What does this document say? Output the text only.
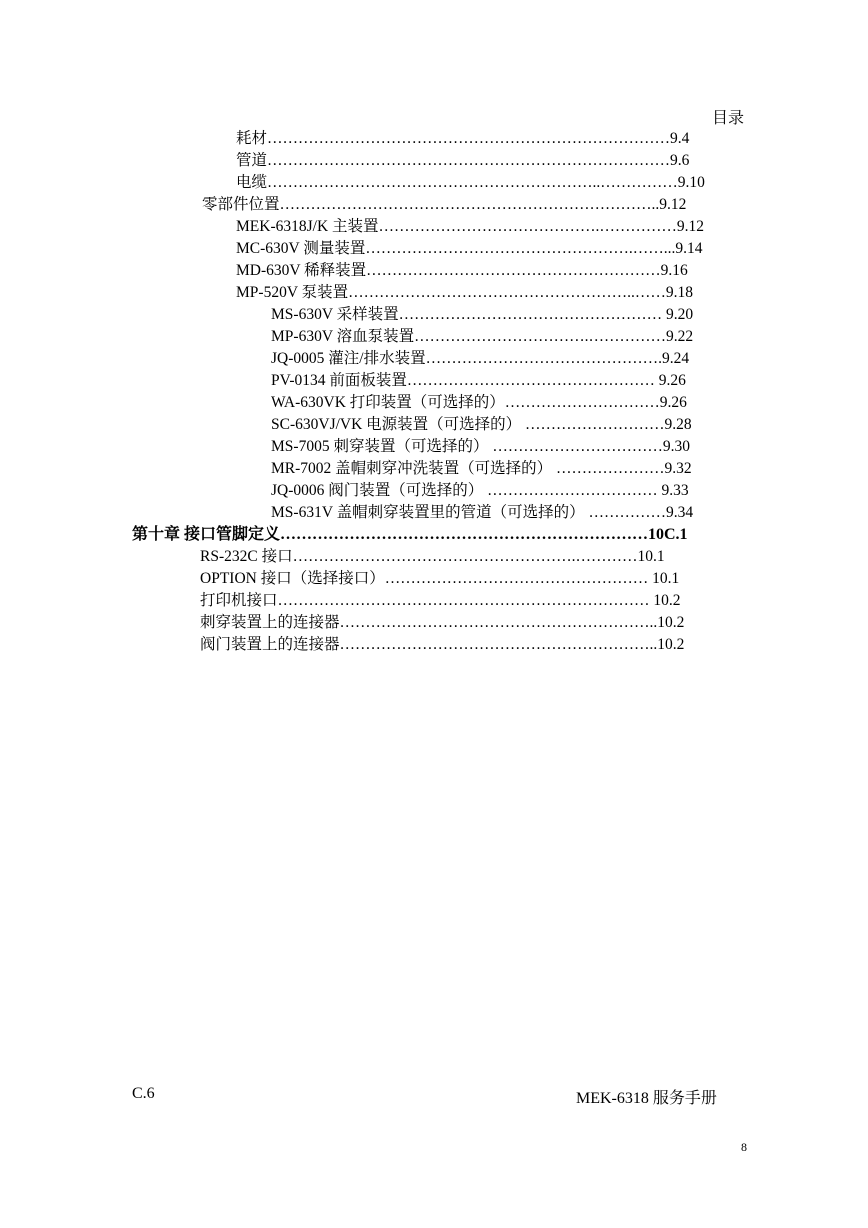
目录
耗材……………………………………………………………………9.4
管道……………………………………………………………………9.6
电缆………………………………………………………..……………9.10
零部件位置………………………………………………………………..9.12
MEK-6318J/K 主装置…………………………………….……………9.12
MC-630V 测量装置…………………………………………….……...9.14
MD-630V 稀释装置…………………………………………………9.16
MP-520V 泵装置………………………………………………..……9.18
MS-630V 采样装置…………………………………………… 9.20
MP-630V 溶血泵装置…………………………….……………9.22
JQ-0005 灌注/排水装置……………………………………….9.24
PV-0134 前面板装置………………………………………… 9.26
WA-630VK 打印装置（可选择的）…………………………9.26
SC-630VJ/VK 电源装置（可选择的） ………………………9.28
MS-7005 刺穿装置（可选择的） ……………………………9.30
MR-7002 盖帽刺穿冲洗装置（可选择的） …………………9.32
JQ-0006 阀门装置（可选择的） …………………………… 9.33
MS-631V 盖帽刺穿装置里的管道（可选择的） ……………9.34
第十章 接口管脚定义……………………………………………………………10C.1
RS-232C 接口……………………………………………….…………10.1
OPTION 接口（选择接口）…………………………………………… 10.1
打印机接口……………………………………………………………… 10.2
刺穿装置上的连接器……………………………………………………..10.2
阀门装置上的连接器……………………………………………………..10.2
C.6	MEK-6318 服务手册
8
